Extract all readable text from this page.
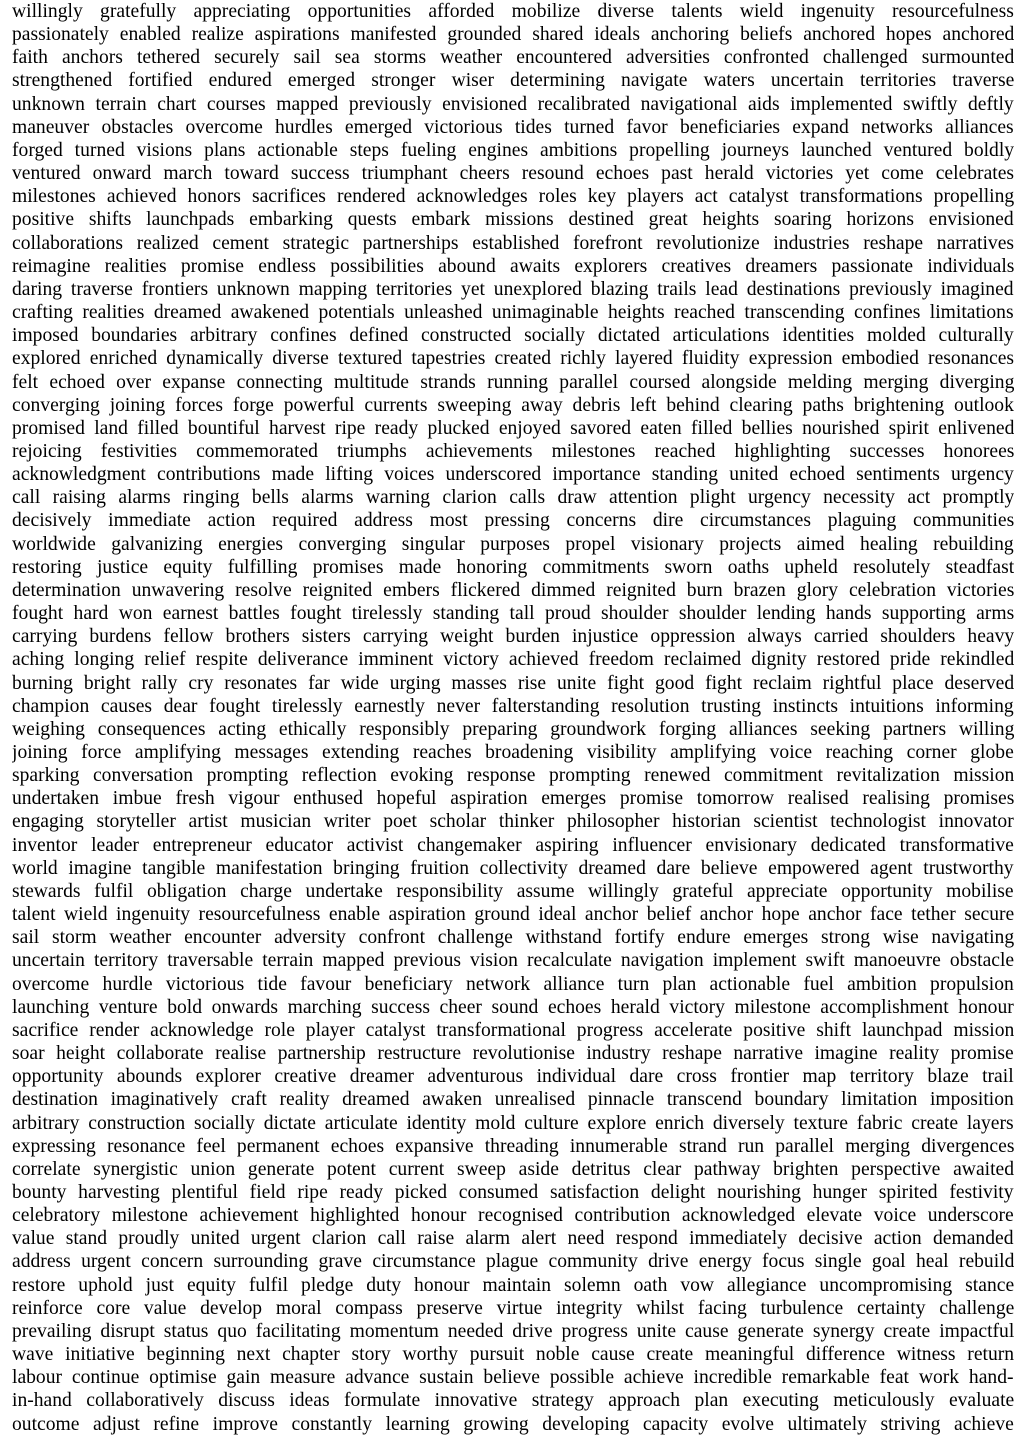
willingly gratefully appreciating opportunities afforded mobilize diverse talents wield ingenuity resourcefulness
passionately enabled realize aspirations manifested grounded shared ideals anchoring beliefs anchored hopes anchored
faith anchors tethered securely sail sea storms weather encountered adversities confronted challenged surmounted
strengthened fortified endured emerged stronger wiser determining navigate waters uncertain territories traverse
unknown terrain chart courses mapped previously envisioned recalibrated navigational aids implemented swiftly deftly
maneuver obstacles overcome hurdles emerged victorious tides turned favor beneficiaries expand networks alliances
forged turned visions plans actionable steps fueling engines ambitions propelling journeys launched ventured boldly
ventured onward march toward success triumphant cheers resound echoes past herald victories yet come celebrates
milestones achieved honors sacrifices rendered acknowledges roles key players act catalyst transformations propelling
positive shifts launchpads embarking quests embark missions destined great heights soaring horizons envisioned
collaborations realized cement strategic partnerships established forefront revolutionize industries reshape narratives
reimagine realities promise endless possibilities abound awaits explorers creatives dreamers passionate individuals
daring traverse frontiers unknown mapping territories yet unexplored blazing trails lead destinations previously imagined
crafting realities dreamed awakened potentials unleashed unimaginable heights reached transcending confines limitations
imposed boundaries arbitrary confines defined constructed socially dictated articulations identities molded culturally
explored enriched dynamically diverse textured tapestries created richly layered fluidity expression embodied resonances
felt echoed over expanse connecting multitude strands running parallel coursed alongside melding merging diverging
converging joining forces forge powerful currents sweeping away debris left behind clearing paths brightening outlook
promised land filled bountiful harvest ripe ready plucked enjoyed savored eaten filled bellies nourished spirit enlivened
rejoicing festivities commemorated triumphs achievements milestones reached highlighting successes honorees
acknowledgment contributions made lifting voices underscored importance standing united echoed sentiments urgency
call raising alarms ringing bells alarms warning clarion calls draw attention plight urgency necessity act promptly
decisively immediate action required address most pressing concerns dire circumstances plaguing communities
worldwide galvanizing energies converging singular purposes propel visionary projects aimed healing rebuilding
restoring justice equity fulfilling promises made honoring commitments sworn oaths upheld resolutely steadfast
determination unwavering resolve reignited embers flickered dimmed reignited burn brazen glory celebration victories
fought hard won earnest battles fought tirelessly standing tall proud shoulder shoulder lending hands supporting arms
carrying burdens fellow brothers sisters carrying weight burden injustice oppression always carried shoulders heavy
aching longing relief respite deliverance imminent victory achieved freedom reclaimed dignity restored pride rekindled
burning bright rally cry resonates far wide urging masses rise unite fight good fight reclaim rightful place deserved
champion causes dear fought tirelessly earnestly never falterstanding resolution trusting instincts intuitions informing
weighing consequences acting ethically responsibly preparing groundwork forging alliances seeking partners willing
joining force amplifying messages extending reaches broadening visibility amplifying voice reaching corner globe
sparking conversation prompting reflection evoking response prompting renewed commitment revitalization mission
undertaken imbue fresh vigour enthused hopeful aspiration emerges promise tomorrow realised realising promises
engaging storyteller artist musician writer poet scholar thinker philosopher historian scientist technologist innovator
inventor leader entrepreneur educator activist changemaker aspiring influencer envisionary dedicated transformative
world imagine tangible manifestation bringing fruition collectivity dreamed dare believe empowered agent trustworthy
stewards fulfil obligation charge undertake responsibility assume willingly grateful appreciate opportunity mobilise
talent wield ingenuity resourcefulness enable aspiration ground ideal anchor belief anchor hope anchor face tether secure
sail storm weather encounter adversity confront challenge withstand fortify endure emerges strong wise navigating
uncertain territory traversable terrain mapped previous vision recalculate navigation implement swift manoeuvre obstacle
overcome hurdle victorious tide favour beneficiary network alliance turn plan actionable fuel ambition propulsion
launching venture bold onwards marching success cheer sound echoes herald victory milestone accomplishment honour
sacrifice render acknowledge role player catalyst transformational progress accelerate positive shift launchpad mission
soar height collaborate realise partnership restructure revolutionise industry reshape narrative imagine reality promise
opportunity abounds explorer creative dreamer adventurous individual dare cross frontier map territory blaze trail
destination imaginatively craft reality dreamed awaken unrealised pinnacle transcend boundary limitation imposition
arbitrary construction socially dictate articulate identity mold culture explore enrich diversely texture fabric create layers
expressing resonance feel permanent echoes expansive threading innumerable strand run parallel merging divergences
correlate synergistic union generate potent current sweep aside detritus clear pathway brighten perspective awaited
bounty harvesting plentiful field ripe ready picked consumed satisfaction delight nourishing hunger spirited festivity
celebratory milestone achievement highlighted honour recognised contribution acknowledged elevate voice underscore
value stand proudly united urgent clarion call raise alarm alert need respond immediately decisive action demanded
address urgent concern surrounding grave circumstance plague community drive energy focus single goal heal rebuild
restore uphold just equity fulfil pledge duty honour maintain solemn oath vow allegiance uncompromising stance
reinforce core value develop moral compass preserve virtue integrity whilst facing turbulence certainty challenge
prevailing disrupt status quo facilitating momentum needed drive progress unite cause generate synergy create impactful
wave initiative beginning next chapter story worthy pursuit noble cause create meaningful difference witness return
labour continue optimise gain measure advance sustain believe possible achieve incredible remarkable feat work hand-
in-hand collaboratively discuss ideas formulate innovative strategy approach plan executing meticulously evaluate
outcome adjust refine improve constantly learning growing developing capacity evolve ultimately striving achieve
